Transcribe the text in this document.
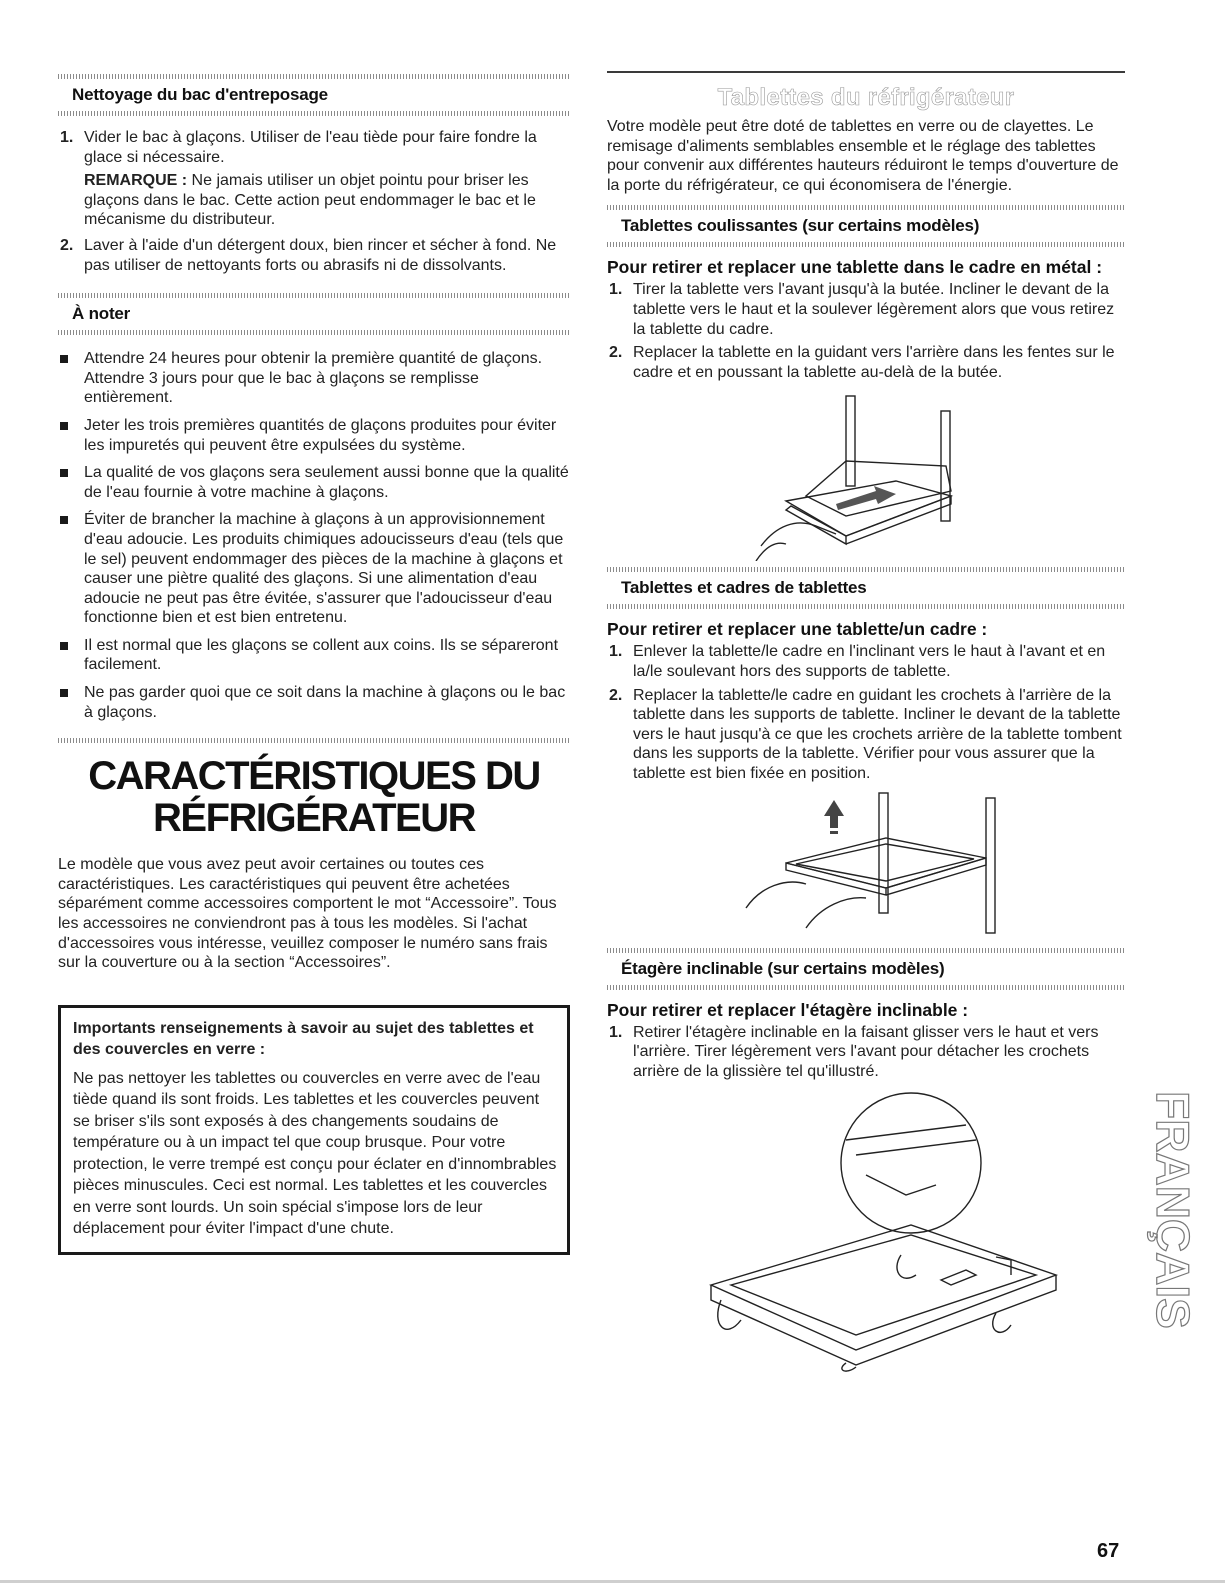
Nettoyage du bac d'entreposage
1. Vider le bac à glaçons. Utiliser de l'eau tiède pour faire fondre la glace si nécessaire.
REMARQUE : Ne jamais utiliser un objet pointu pour briser les glaçons dans le bac. Cette action peut endommager le bac et le mécanisme du distributeur.
2. Laver à l'aide d'un détergent doux, bien rincer et sécher à fond. Ne pas utiliser de nettoyants forts ou abrasifs ni de dissolvants.
À noter
Attendre 24 heures pour obtenir la première quantité de glaçons. Attendre 3 jours pour que le bac à glaçons se remplisse entièrement.
Jeter les trois premières quantités de glaçons produites pour éviter les impuretés qui peuvent être expulsées du système.
La qualité de vos glaçons sera seulement aussi bonne que la qualité de l'eau fournie à votre machine à glaçons.
Éviter de brancher la machine à glaçons à un approvisionnement d'eau adoucie. Les produits chimiques adoucisseurs d'eau (tels que le sel) peuvent endommager des pièces de la machine à glaçons et causer une piètre qualité des glaçons. Si une alimentation d'eau adoucie ne peut pas être évitée, s'assurer que l'adoucisseur d'eau fonctionne bien et est bien entretenu.
Il est normal que les glaçons se collent aux coins. Ils se sépareront facilement.
Ne pas garder quoi que ce soit dans la machine à glaçons ou le bac à glaçons.
CARACTÉRISTIQUES DU
RÉFRIGÉRATEUR

Le modèle que vous avez peut avoir certaines ou toutes ces caractéristiques. Les caractéristiques qui peuvent être achetées séparément comme accessoires comportent le mot “Accessoire”. Tous les accessoires ne conviendront pas à tous les modèles. Si l'achat d'accessoires vous intéresse, veuillez composer le numéro sans frais sur la couverture ou à la section “Accessoires”.

Importants renseignements à savoir au sujet des tablettes et des couvercles en verre :
Ne pas nettoyer les tablettes ou couvercles en verre avec de l'eau tiède quand ils sont froids. Les tablettes et les couvercles peuvent se briser s'ils sont exposés à des changements soudains de température ou à un impact tel que coup brusque. Pour votre protection, le verre trempé est conçu pour éclater en d'innombrables pièces minuscules. Ceci est normal. Les tablettes et les couvercles en verre sont lourds. Un soin spécial s'impose lors de leur déplacement pour éviter l'impact d'une chute.
Tablettes du réfrigérateur

Votre modèle peut être doté de tablettes en verre ou de clayettes. Le remisage d'aliments semblables ensemble et le réglage des tablettes pour convenir aux différentes hauteurs réduiront le temps d'ouverture de la porte du réfrigérateur, ce qui économisera de l'énergie.

Tablettes coulissantes (sur certains modèles)
Pour retirer et replacer une tablette dans le cadre en métal :
1. Tirer la tablette vers l'avant jusqu'à la butée. Incliner le devant de la tablette vers le haut et la soulever légèrement alors que vous retirez la tablette du cadre.
2. Replacer la tablette en la guidant vers l'arrière dans les fentes sur le cadre et en poussant la tablette au-delà de la butée.
Tablettes et cadres de tablettes
Pour retirer et replacer une tablette/un cadre :
1. Enlever la tablette/le cadre en l'inclinant vers le haut à l'avant et en la/le soulevant hors des supports de tablette.
2. Replacer la tablette/le cadre en guidant les crochets à l'arrière de la tablette dans les supports de tablette. Incliner le devant de la tablette vers le haut jusqu'à ce que les crochets arrière de la tablette tombent dans les supports de la tablette. Vérifier pour vous assurer que la tablette est bien fixée en position.
Étagère inclinable (sur certains modèles)
Pour retirer et replacer l'étagère inclinable :
1. Retirer l'étagère inclinable en la faisant glisser vers le haut et vers l'arrière. Tirer légèrement vers l'avant pour détacher les crochets arrière de la glissière tel qu'illustré.
FRANÇAIS
67
